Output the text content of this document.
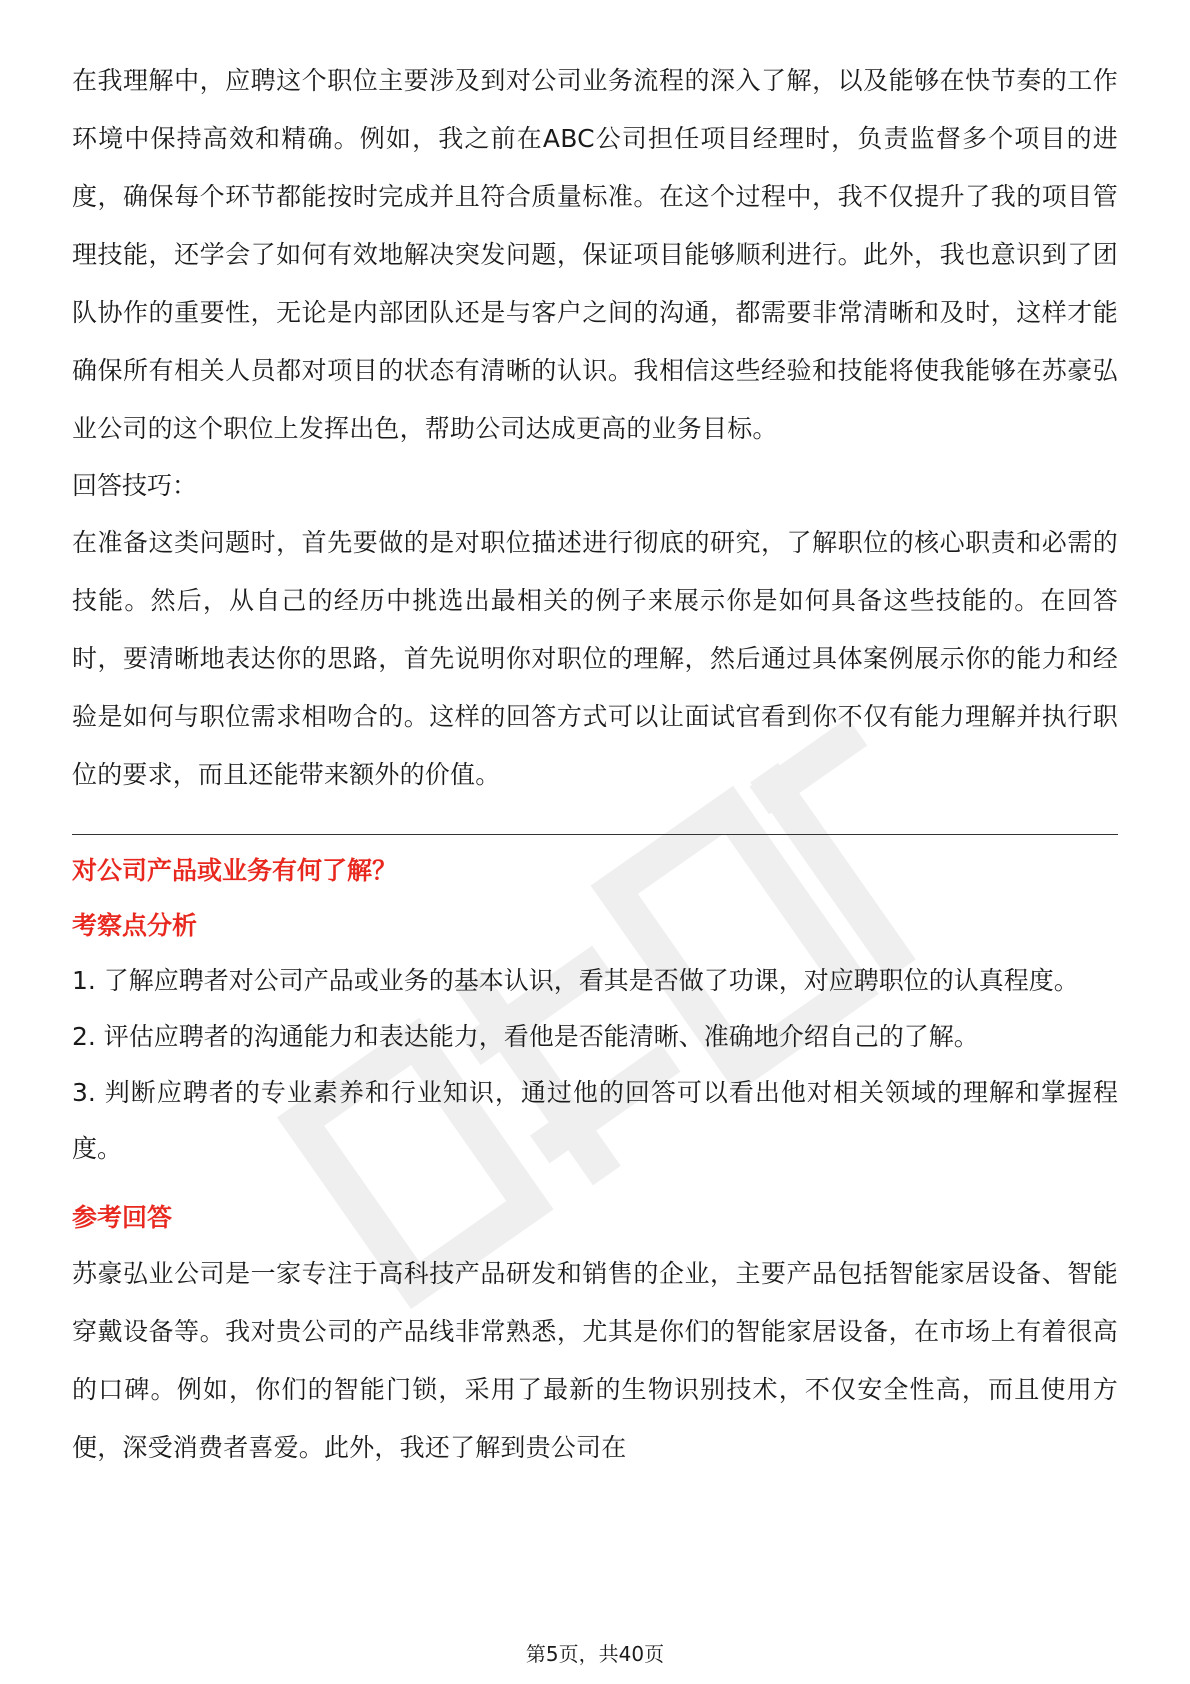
在我理解中，应聘这个职位主要涉及到对公司业务流程的深入了解，以及能够在快节奏的工作环境中保持高效和精确。例如，我之前在ABC公司担任项目经理时，负责监督多个项目的进度，确保每个环节都能按时完成并且符合质量标准。在这个过程中，我不仅提升了我的项目管理技能，还学会了如何有效地解决突发问题，保证项目能够顺利进行。此外，我也意识到了团队协作的重要性，无论是内部团队还是与客户之间的沟通，都需要非常清晰和及时，这样才能确保所有相关人员都对项目的状态有清晰的认识。我相信这些经验和技能将使我能够在苏豪弘业公司的这个职位上发挥出色，帮助公司达成更高的业务目标。

回答技巧：

在准备这类问题时，首先要做的是对职位描述进行彻底的研究，了解职位的核心职责和必需的技能。然后，从自己的经历中挑选出最相关的例子来展示你是如何具备这些技能的。在回答时，要清晰地表达你的思路，首先说明你对职位的理解，然后通过具体案例展示你的能力和经验是如何与职位需求相吻合的。这样的回答方式可以让面试官看到你不仅有能力理解并执行职位的要求，而且还能带来额外的价值。

对公司产品或业务有何了解？

考察点分析

1. 了解应聘者对公司产品或业务的基本认识，看其是否做了功课，对应聘职位的认真程度。

2. 评估应聘者的沟通能力和表达能力，看他是否能清晰、准确地介绍自己的了解。

3. 判断应聘者的专业素养和行业知识，通过他的回答可以看出他对相关领域的理解和掌握程度。

参考回答

苏豪弘业公司是一家专注于高科技产品研发和销售的企业，主要产品包括智能家居设备、智能穿戴设备等。我对贵公司的产品线非常熟悉，尤其是你们的智能家居设备，在市场上有着很高的口碑。例如，你们的智能门锁，采用了最新的生物识别技术，不仅安全性高，而且使用方便，深受消费者喜爱。此外，我还了解到贵公司在

第5页，共40页
